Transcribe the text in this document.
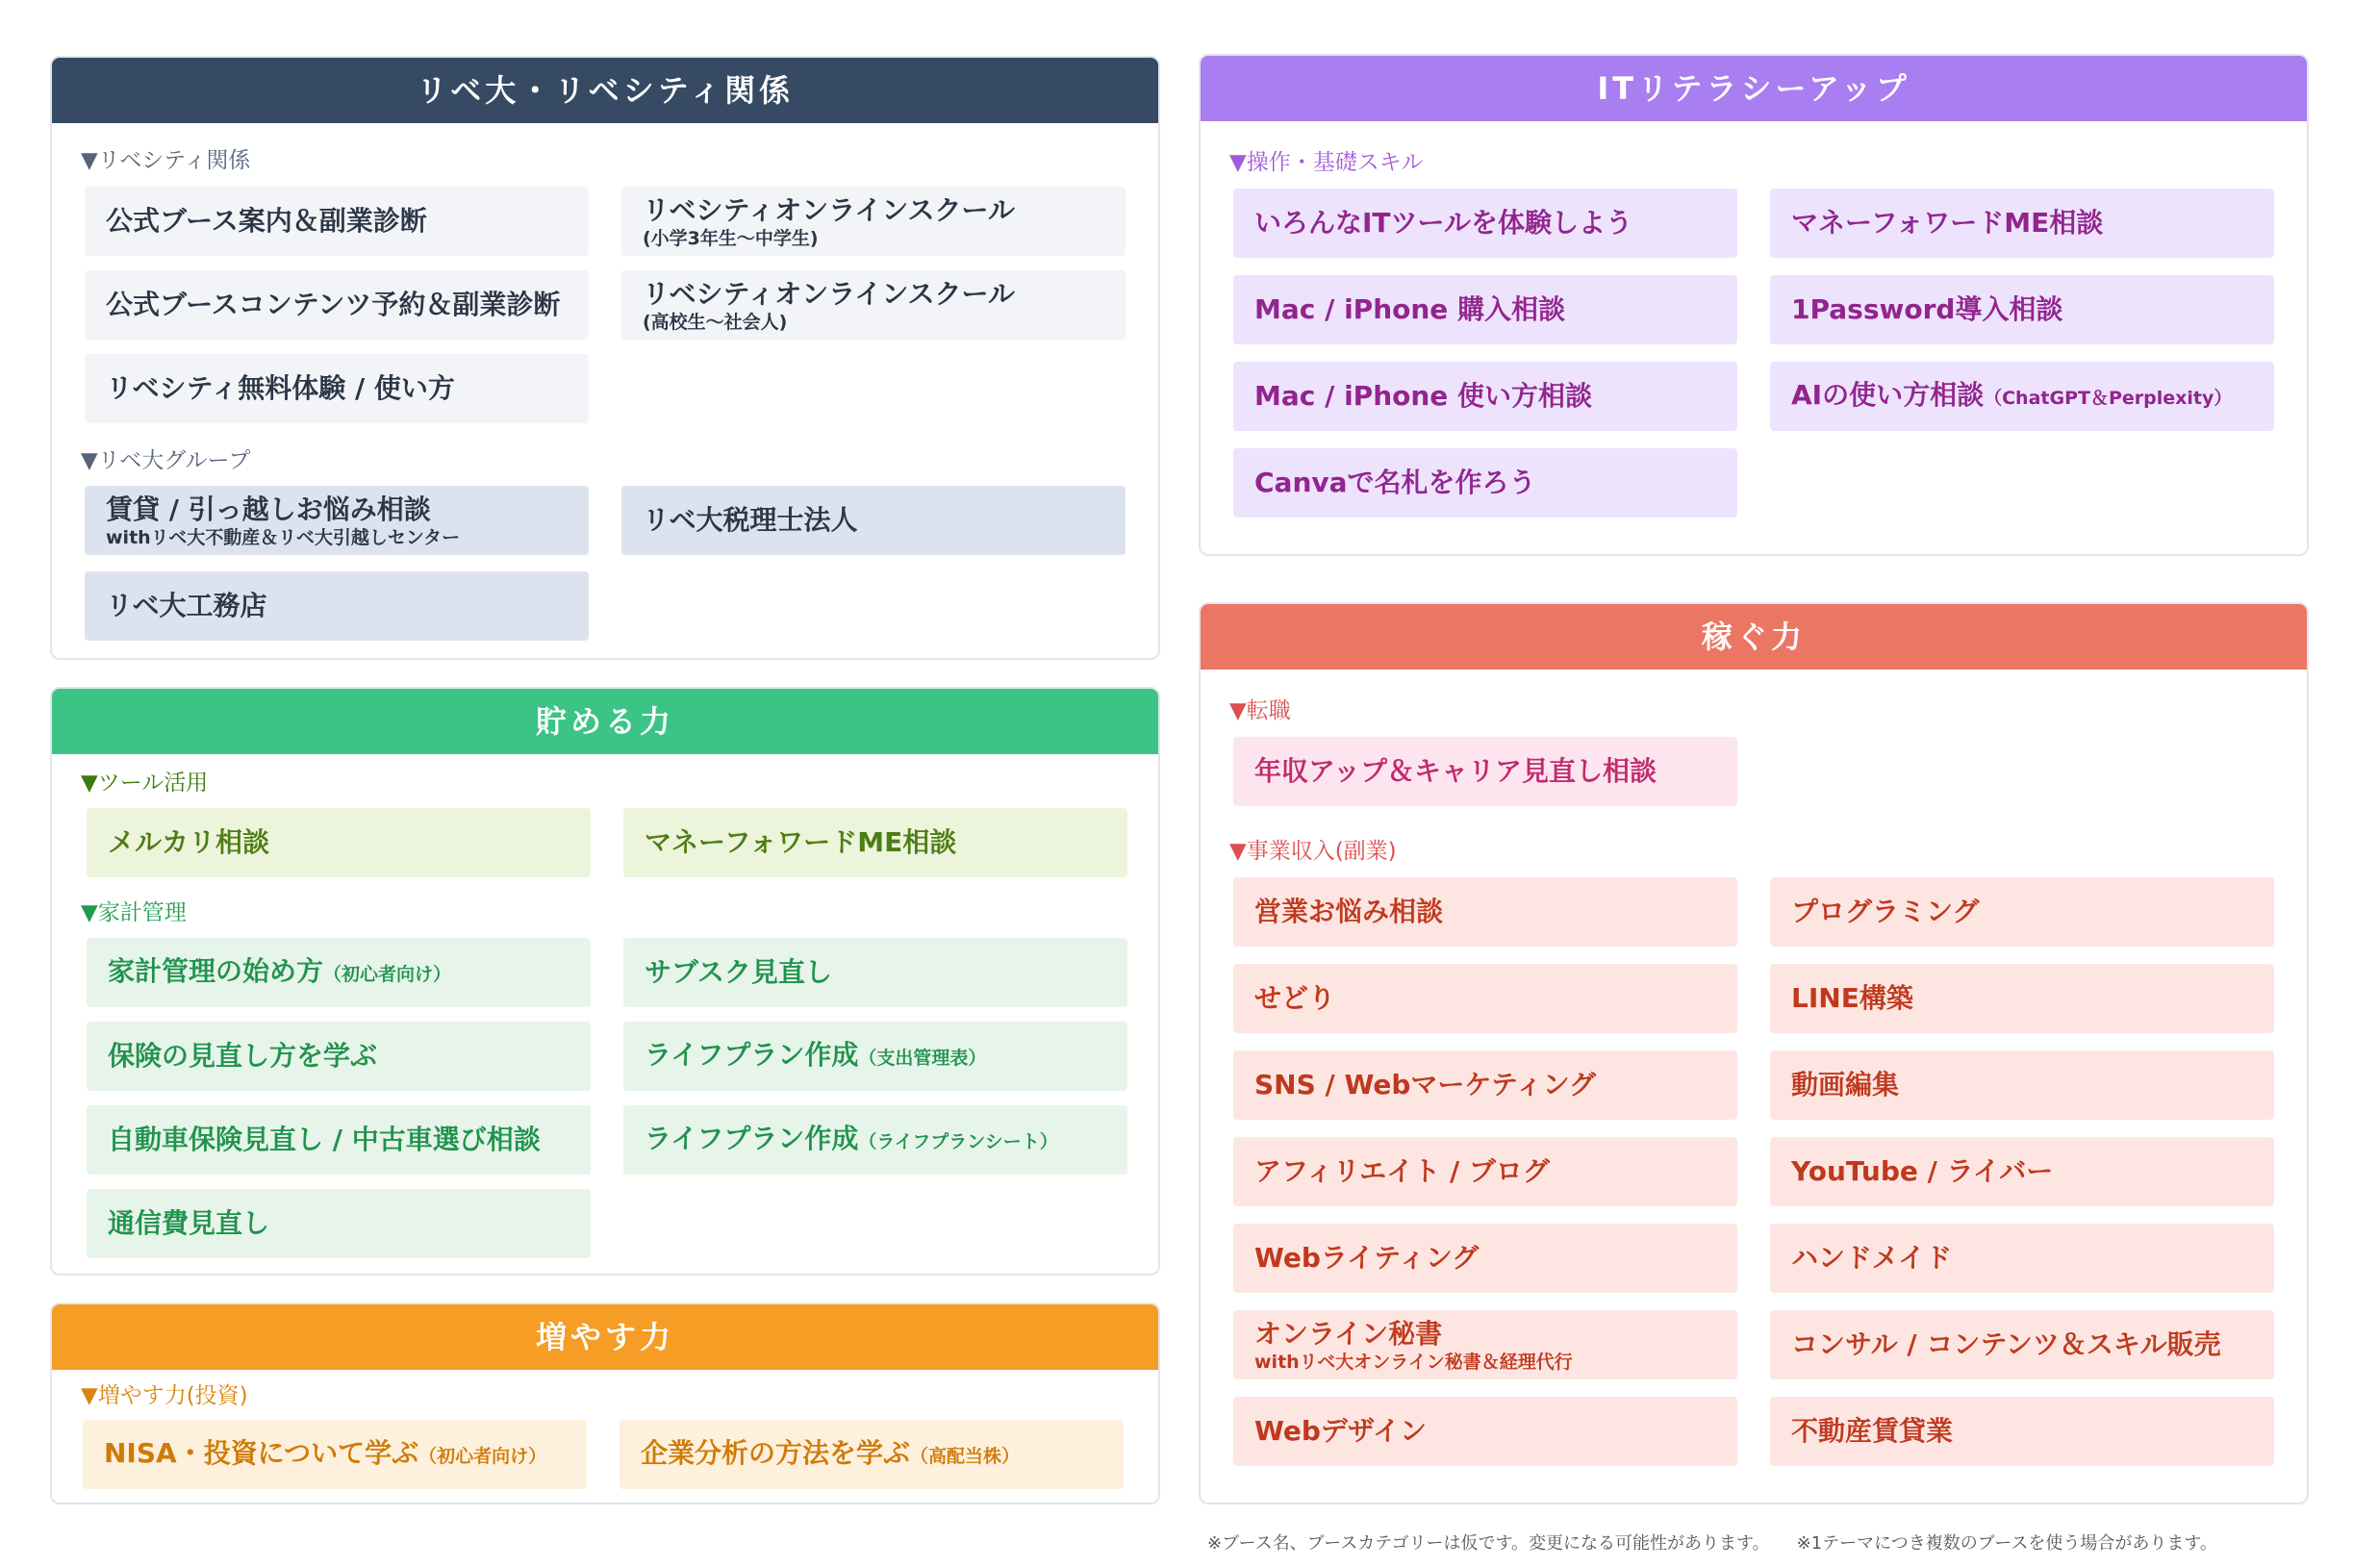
リベ大・リベシティ関係
▼リベシティ関係
公式ブース案内＆副業診断	リベシティオンラインスクール
(小学3年生〜中学生)
公式ブースコンテンツ予約＆副業診断	リベシティオンラインスクール
(高校生〜社会人)
リベシティ無料体験 / 使い方
▼リベ大グループ
賃貸 / 引っ越しお悩み相談
withリベ大不動産＆リベ大引越しセンター
リベ大税理士法人
リベ大工務店
貯める力
▼ツール活用
メルカリ相談	マネーフォワードME相談
▼家計管理
家計管理の始め方（初心者向け）	サブスク見直し
保険の見直し方を学ぶ	ライフプラン作成（支出管理表）
自動車保険見直し / 中古車選び相談	ライフプラン作成（ライフプランシート）
通信費見直し
増やす力
▼増やす力(投資)
NISA・投資について学ぶ（初心者向け）	企業分析の方法を学ぶ（高配当株）
ITリテラシーアップ
▼操作・基礎スキル
いろんなITツールを体験しよう	マネーフォワードME相談
Mac / iPhone 購入相談	1Password導入相談
Mac / iPhone 使い方相談	AIの使い方相談（ChatGPT＆Perplexity）
Canvaで名札を作ろう
稼ぐ力
▼転職
年収アップ＆キャリア見直し相談
▼事業収入(副業)
営業お悩み相談	プログラミング
せどり	LINE構築
SNS / Webマーケティング	動画編集
アフィリエイト / ブログ	YouTube / ライバー
Webライティング	ハンドメイド
オンライン秘書
withリベ大オンライン秘書＆経理代行
コンサル / コンテンツ＆スキル販売
Webデザイン	不動産賃貸業
※ブース名、ブースカテゴリーは仮です。変更になる可能性があります。 ※1テーマにつき複数のブースを使う場合があります。
